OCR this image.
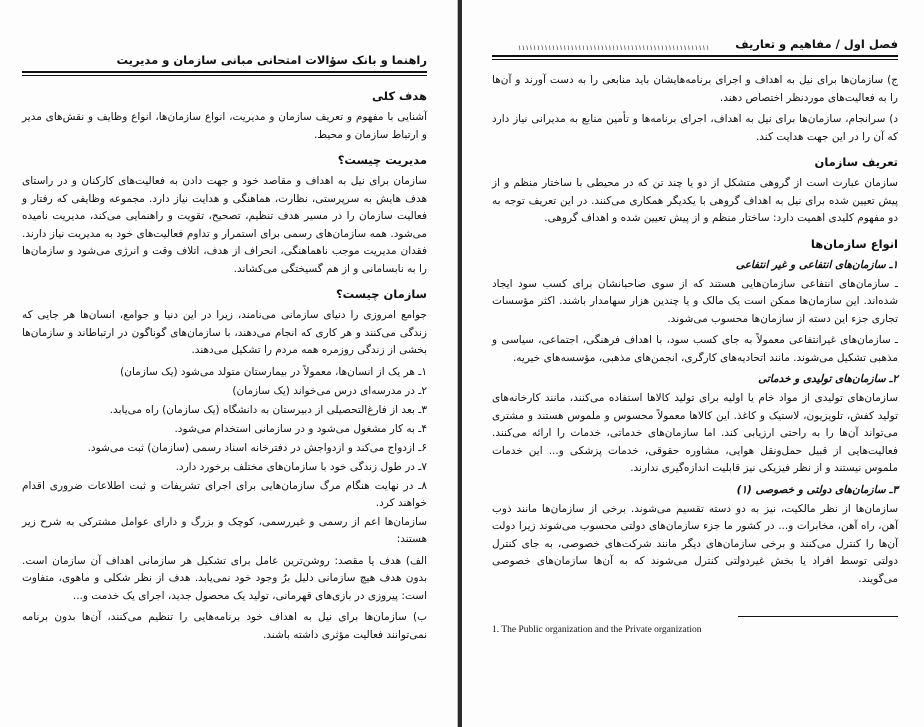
راهنما و بانک سؤالات امتحانی مبانی سازمان و مدیریت
هدف کلی

آشنایی با مفهوم و تعریف سازمان و مدیریت، انواع سازمان‌ها، انواع وظایف و نقش‌های مدیر و ارتباط سازمان و محیط.

مدیریت چیست؟

سازمان برای نیل به اهداف و مقاصد خود و جهت دادن به فعالیت‌های کارکنان و در راستای هدف هایش به سرپرستی، نظارت، هماهنگی و هدایت نیاز دارد. مجموعه وظایفی که رفتار و فعالیت سازمان را در مسیر هدف تنظیم، تصحیح، تقویت و راهنمایی می‌کند، مدیریت نامیده می‌شود. همه سازمان‌های رسمی برای استمرار و تداوم فعالیت‌های خود به مدیریت نیاز دارند. فقدان مدیریت موجب ناهماهنگی، انحراف از هدف، اتلاف وقت و انرژی می‌شود و سازمان‌ها را به نابسامانی و از هم گسیختگی می‌کشاند.

سازمان چیست؟

جوامع امروزی را دنیای سازمانی می‌نامند، زیرا در این دنیا و جوامع، انسان‌ها هر جایی که زندگی می‌کنند و هر کاری که انجام می‌دهند، با سازمان‌های گوناگون در ارتباطاند و سازمان‌ها بخشی از زندگی روزمره همه مردم را تشکیل می‌دهند.

۱ـ هر یک از انسان‌ها، معمولاً در بیمارستان متولد می‌شود (یک سازمان)
۲ـ در مدرسه‌ای درس می‌خواند (یک سازمان)
۳ـ بعد از فارغ‌التحصیلی از دبیرستان به دانشگاه (یک سازمان) راه می‌یابد.
۴ـ به کار مشغول می‌شود و در سازمانی استخدام می‌شود.
۶ـ ازدواج می‌کند و ازدواجش در دفترخانه اسناد رسمی (سازمان) ثبت می‌شود.
۷ـ در طول زندگی خود با سازمان‌های مختلف برخورد دارد.
۸ـ در نهایت هنگام مرگ سازمان‌هایی برای اجرای تشریفات و ثبت اطلاعات ضروری اقدام خواهند کرد.

سازمان‌ها اعم از رسمی و غیررسمی، کوچک و بزرگ و دارای عوامل مشترکی به شرح زیر هستند:

الف) هدف یا مقصد: روشن‌ترین عامل برای تشکیل هر سازمانی اهداف آن سازمان است. بدون هدف هیچ سازمانی دلیل برُ وجود خود نمی‌یابد. هدف از نظر شکلی و ماهوی، متفاوت است: پیروزی در بازی‌های قهرمانی، تولید یک محصول جدید، اجرای یک خدمت و...

ب) سازمان‌ها برای نیل به اهداف خود برنامه‌هایی را تنظیم می‌کنند، آن‌ها بدون برنامه نمی‌توانند فعالیت مؤثری داشته باشند.

فصل اول / مفاهیم و تعاریف
۱۱۱۱۱۱۱۱۱۱۱۱۱۱۱۱۱۱۱۱۱۱۱۱۱۱۱۱۱۱۱۱۱۱۱۱۱۱۱۱۱۱۱۱۱۱۱۱۱۱۱

ج) سازمان‌ها برای نیل به اهداف و اجرای برنامه‌هایشان باید منابعی را به دست آورند و آن‌ها را به فعالیت‌های موردنظر اختصاص دهند.

د) سرانجام، سازمان‌ها برای نیل به اهداف، اجرای برنامه‌ها و تأمین منابع به مدیرانی نیاز دارد که آن را در این جهت هدایت کند.

تعریف سازمان

سازمان عبارت است از گروهی متشکل از دو یا چند تن که در محیطی با ساختار منظم و از پیش تعیین شده برای نیل به اهداف گروهی با یکدیگر همکاری می‌کنند. در این تعریف توجه به دو مفهوم کلیدی اهمیت دارد: ساختار منظم و از پیش تعیین شده و اهداف گروهی.

انواع سازمان‌ها
۱ـ سازمان‌های انتفاعی و غیر انتفاعی

ـ سازمان‌های انتفاعی سازمان‌هایی هستند که از سوی صاحبانشان برای کسب سود ایجاد شده‌اند. این سازمان‌ها ممکن است یک مالک و یا چندین هزار سهامدار باشند. اکثر مؤسسات تجاری جزء این دسته از سازمان‌ها محسوب می‌شوند.

ـ سازمان‌های غیرانتفاعی معمولاً به جای کسب سود، با اهداف فرهنگی، اجتماعی، سیاسی و مذهبی تشکیل می‌شوند. مانند اتحادیه‌های کارگری، انجمن‌های مذهبی، مؤسسه‌های خیریه.

۲ـ سازمان‌های تولیدی و خدماتی

سازمان‌های تولیدی از مواد خام یا اولیه برای تولید کالاها استفاده می‌کنند، مانند کارخانه‌های تولید کفش، تلویزیون، لاستیک و کاغذ. این کالاها معمولاً محسوس و ملموس هستند و مشتری می‌تواند آن‌ها را به راحتی ارزیابی کند. اما سازمان‌های خدماتی، خدمات را ارائه می‌کنند. فعالیت‌هایی از قبیل حمل‌ونقل هوایی، مشاوره حقوقی، خدمات پزشکی و... این خدمات ملموس نیستند و از نظر فیزیکی نیز قابلیت اندازه‌گیری ندارند.

۳ـ سازمان‌های دولتی و خصوصی (۱)

سازمان‌ها از نظر مالکیت، نیز به دو دسته تقسیم می‌شوند. برخی از سازمان‌ها مانند ذوب آهن، راه آهن، مخابرات و... در کشور ما جزء سازمان‌های دولتی محسوب می‌شوند زیرا دولت آن‌ها را کنترل می‌کنند و برخی سازمان‌های دیگر مانند شرکت‌های خصوصی، به جای کنترل دولتی توسط افراد یا بخش غیردولتی کنترل می‌شوند که به آن‌ها سازمان‌های خصوصی می‌گویند.

1. The Public organization and the Private organization
